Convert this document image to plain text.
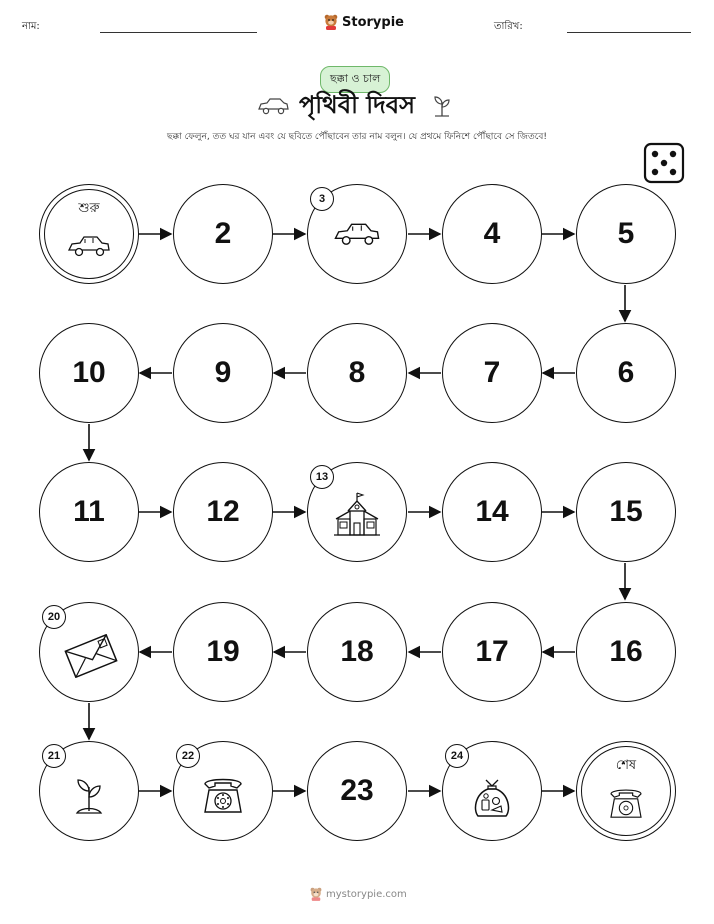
নাম:	Storypie	তারিখ:
ছক্কা ও চাল
পৃথিবী দিবস
ছক্কা ফেলুন, তত ঘর যান এবং যে ছবিতে পৌঁছাবেন তার নাম বলুন। যে প্রথমে ফিনিশে পৌঁছাবে সে জিতবে!
শুরু
2
3
4	5
6
7
8
9
10
11	12
13
14	15
16
17
18
19
20
21	22
23
24
শেষ
mystorypie.com
